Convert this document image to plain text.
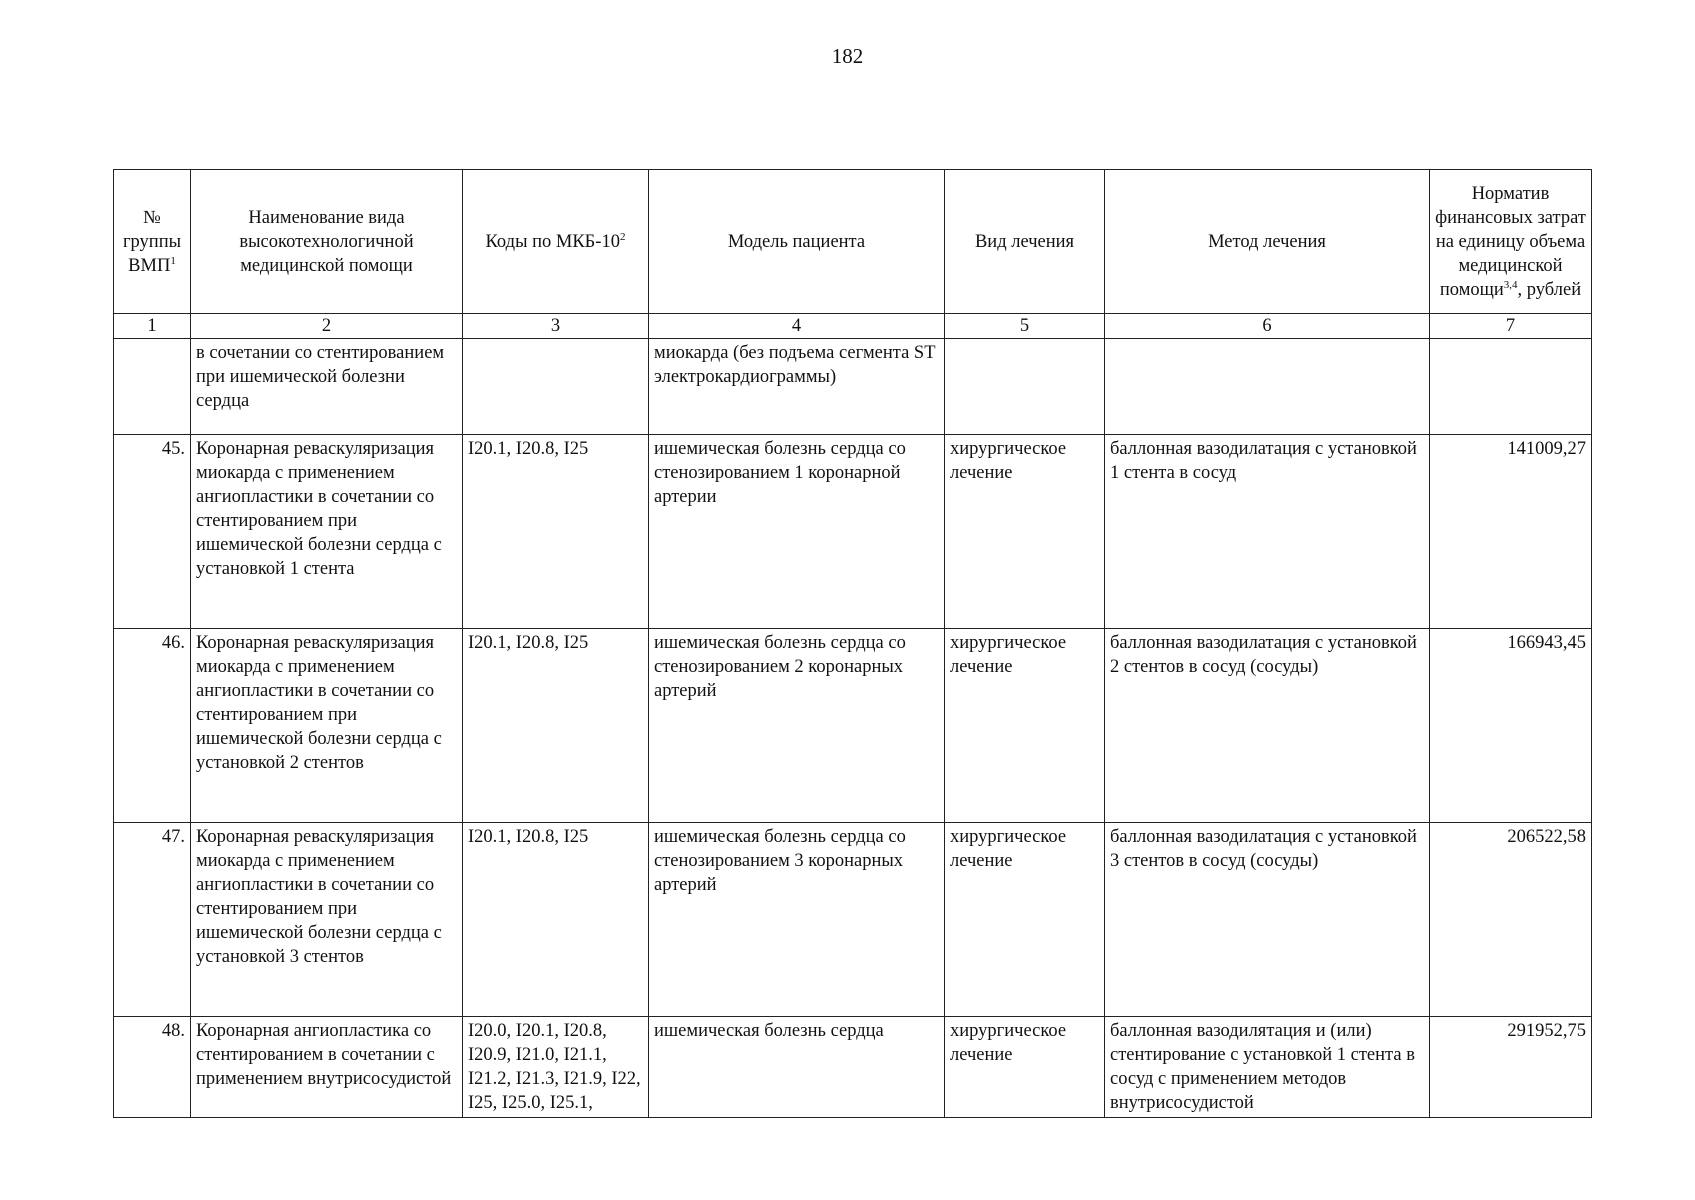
182
№ группы ВМП$^1$	Наименование вида высокотехнологичной медицинской помощи	Коды по МКБ-$10^2$	Модель пациента	Вид лечения	Метод лечения	Норматив финансовых затрат на единицу объема медицинской помощи$^{3,4}$, рублей
1	2	3	4	5	6	7
	в сочетании со стентированием при ишемической болезни сердца		миокарда (без подъема сегмента ST электрокардиограммы)			
45.	Коронарная реваскуляризация миокарда с применением ангиопластики в сочетании со стентированием при ишемической болезни сердца с установкой 1 стента	I20.1, I20.8, I25	ишемическая болезнь сердца со стенозированием 1 коронарной артерии	хирургическое лечение	баллонная вазодилатация с установкой 1 стента в сосуд	141009,27
46.	Коронарная реваскуляризация миокарда с применением ангиопластики в сочетании со стентированием при ишемической болезни сердца с установкой 2 стентов	I20.1, I20.8, I25	ишемическая болезнь сердца со стенозированием 2 коронарных артерий	хирургическое лечение	баллонная вазодилатация с установкой 2 стентов в сосуд (сосуды)	166943,45
47.	Коронарная реваскуляризация миокарда с применением ангиопластики в сочетании со стентированием при ишемической болезни сердца с установкой 3 стентов	I20.1, I20.8, I25	ишемическая болезнь сердца со стенозированием 3 коронарных артерий	хирургическое лечение	баллонная вазодилатация с установкой 3 стентов в сосуд (сосуды)	206522,58
48.	Коронарная ангиопластика со стентированием в сочетании с применением внутрисосудистой	I20.0, I20.1, I20.8, I20.9, I21.0, I21.1, I21.2, I21.3, I21.9, I22, I25, I25.0, I25.1,	ишемическая болезнь сердца	хирургическое лечение	баллонная вазодилятация и (или) стентирование с установкой 1 стента в сосуд с применением методов внутрисосудистой	291952,75
